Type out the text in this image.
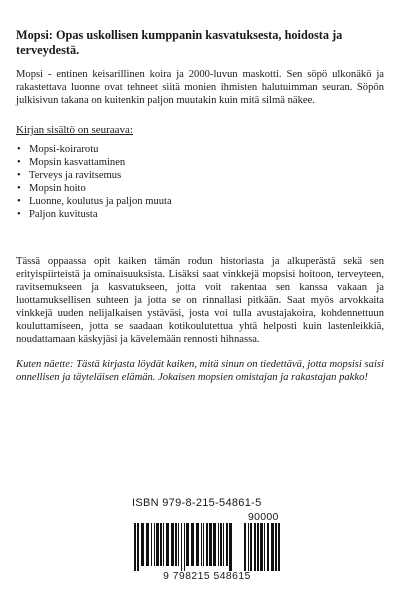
Mopsi: Opas uskollisen kumppanin kasvatuksesta, hoidosta ja terveydestä.

Mopsi - entinen keisarillinen koira ja 2000-luvun maskotti. Sen söpö ulkonäkö ja rakastettava luonne ovat tehneet siitä monien ihmisten halutuimman seuran. Söpön julkisivun takana on kuitenkin paljon muutakin kuin mitä silmä näkee.

Kirjan sisältö on seuraava:
• Mopsi-koirarotu
• Mopsin kasvattaminen
• Terveys ja ravitsemus
• Mopsin hoito
• Luonne, koulutus ja paljon muuta
• Paljon kuvitusta

Tässä oppaassa opit kaiken tämän rodun historiasta ja alkuperästä sekä sen erityispiirteistä ja ominaisuuksista. Lisäksi saat vinkkejä mopsisi hoitoon, terveyteen, ravitsemukseen ja kasvatukseen, jotta voit rakentaa sen kanssa vakaan ja luottamuksellisen suhteen ja jotta se on rinnallasi pitkään. Saat myös arvokkaita vinkkejä uuden nelijalkaisen ystäväsi, josta voi tulla avustajakoira, kohdennettuun kouluttamiseen, jotta se saadaan kotikoulutettua yhtä helposti kuin lastenleikkiä, noudattamaan käskyjäsi ja kävelemään rennosti hihnassa.

Kuten näette: Tästä kirjasta löydät kaiken, mitä sinun on tiedettävä, jotta mopsisi saisi onnellisen ja täyteläisen elämän. Jokaisen mopsien omistajan ja rakastajan pakko!

ISBN 979-8-215-54861-5
90000
9 798215 548615
